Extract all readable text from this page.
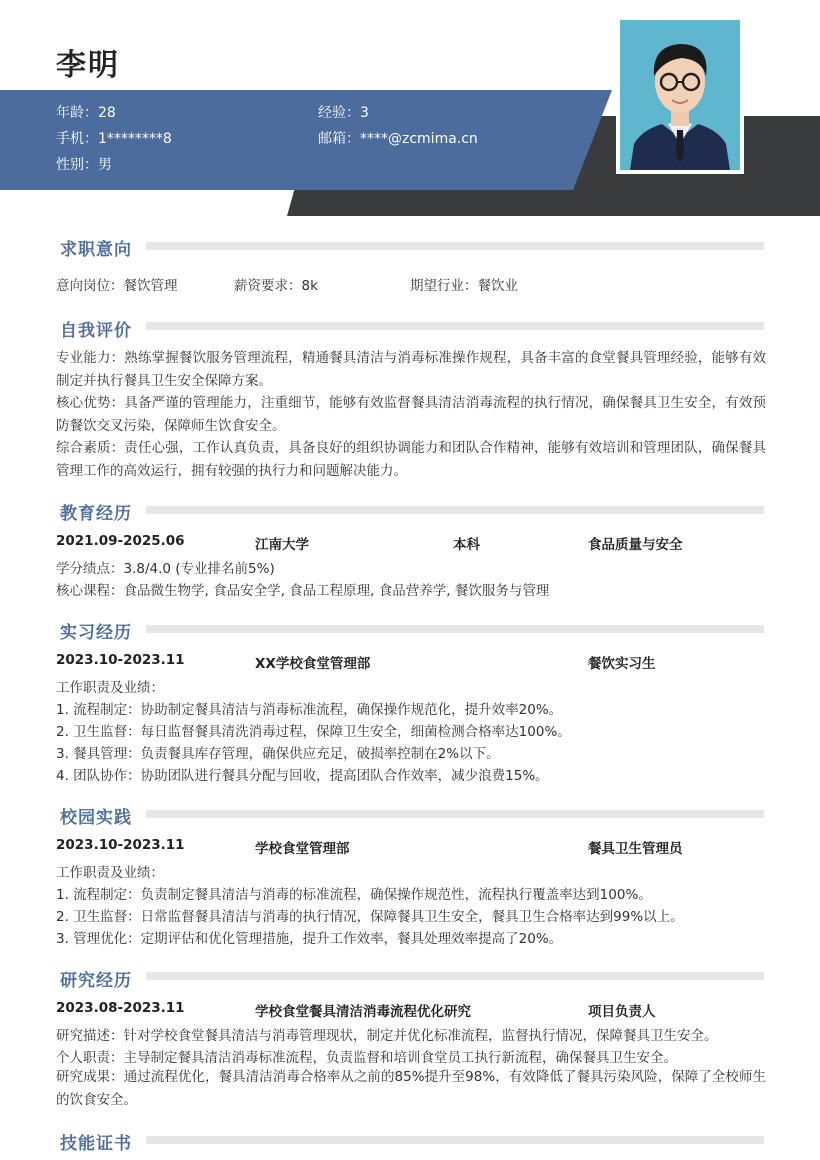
李明
年龄：28	经验：3
手机：1********8	邮箱：****@zcmima.cn
性别：男
求职意向
意向岗位：餐饮管理	薪资要求：8k	期望行业：餐饮业
自我评价
专业能力：熟练掌握餐饮服务管理流程，精通餐具清洁与消毒标准操作规程，具备丰富的食堂餐具管理经验，能够有效制定并执行餐具卫生安全保障方案。
核心优势：具备严谨的管理能力，注重细节，能够有效监督餐具清洁消毒流程的执行情况，确保餐具卫生安全，有效预防餐饮交叉污染，保障师生饮食安全。
综合素质：责任心强，工作认真负责，具备良好的组织协调能力和团队合作精神，能够有效培训和管理团队，确保餐具管理工作的高效运行，拥有较强的执行力和问题解决能力。
教育经历
2021.09-2025.06	江南大学	本科	食品质量与安全
学分绩点：3.8/4.0 (专业排名前5%)
核心课程：食品微生物学, 食品安全学, 食品工程原理, 食品营养学, 餐饮服务与管理
实习经历
2023.10-2023.11	XX学校食堂管理部	餐饮实习生
工作职责及业绩：
1. 流程制定：协助制定餐具清洁与消毒标准流程，确保操作规范化，提升效率20%。
2. 卫生监督：每日监督餐具清洗消毒过程，保障卫生安全，细菌检测合格率达100%。
3. 餐具管理：负责餐具库存管理，确保供应充足，破损率控制在2%以下。
4. 团队协作：协助团队进行餐具分配与回收，提高团队合作效率，减少浪费15%。
校园实践
2023.10-2023.11	学校食堂管理部	餐具卫生管理员
工作职责及业绩：
1. 流程制定：负责制定餐具清洁与消毒的标准流程，确保操作规范性，流程执行覆盖率达到100%。
2. 卫生监督：日常监督餐具清洁与消毒的执行情况，保障餐具卫生安全，餐具卫生合格率达到99%以上。
3. 管理优化：定期评估和优化管理措施，提升工作效率，餐具处理效率提高了20%。
研究经历
2023.08-2023.11	学校食堂餐具清洁消毒流程优化研究	项目负责人
研究描述：针对学校食堂餐具清洁与消毒管理现状，制定并优化标准流程，监督执行情况，保障餐具卫生安全。
个人职责：主导制定餐具清洁消毒标准流程，负责监督和培训食堂员工执行新流程，确保餐具卫生安全。
研究成果：通过流程优化，餐具清洁消毒合格率从之前的85%提升至98%，有效降低了餐具污染风险，保障了全校师生的饮食安全。
技能证书
